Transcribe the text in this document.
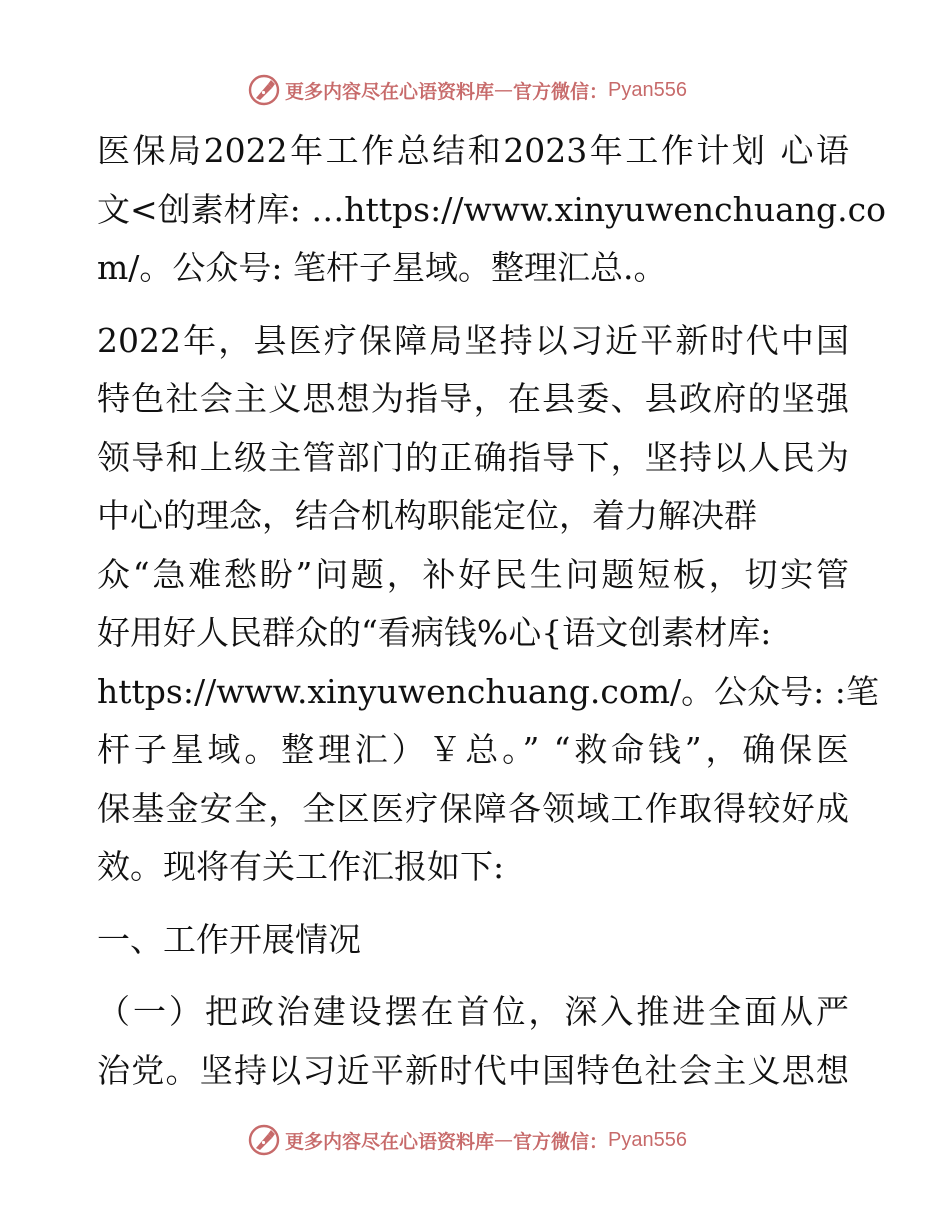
更多内容尽在心语资料库 — 官方微信： Pyan556
医保局2022年工作总结和2023年工作计划 心语
文<创素材库: …https://www.xinyuwenchuang.co
m/。公众号: 笔杆子星域。整理汇总.。
2022年，县医疗保障局坚持以习近平新时代中国
特色社会主义思想为指导，在县委、县政府的坚强
领导和上级主管部门的正确指导下，坚持以人民为
中心的理念，结合机构职能定位，着力解决群
众“急难愁盼”问题，补好民生问题短板，切实管
好用好人民群众的“看病钱%心{语文创素材库:
https://www.xinyuwenchuang.com/。公众号: :笔
杆子星域。整理汇）￥总。” “救命钱”，确保医
保基金安全，全区医疗保障各领域工作取得较好成
效。现将有关工作汇报如下:
一、工作开展情况
（一）把政治建设摆在首位，深入推进全面从严
治党。坚持以习近平新时代中国特色社会主义思想
更多内容尽在心语资料库 — 官方微信： Pyan556
